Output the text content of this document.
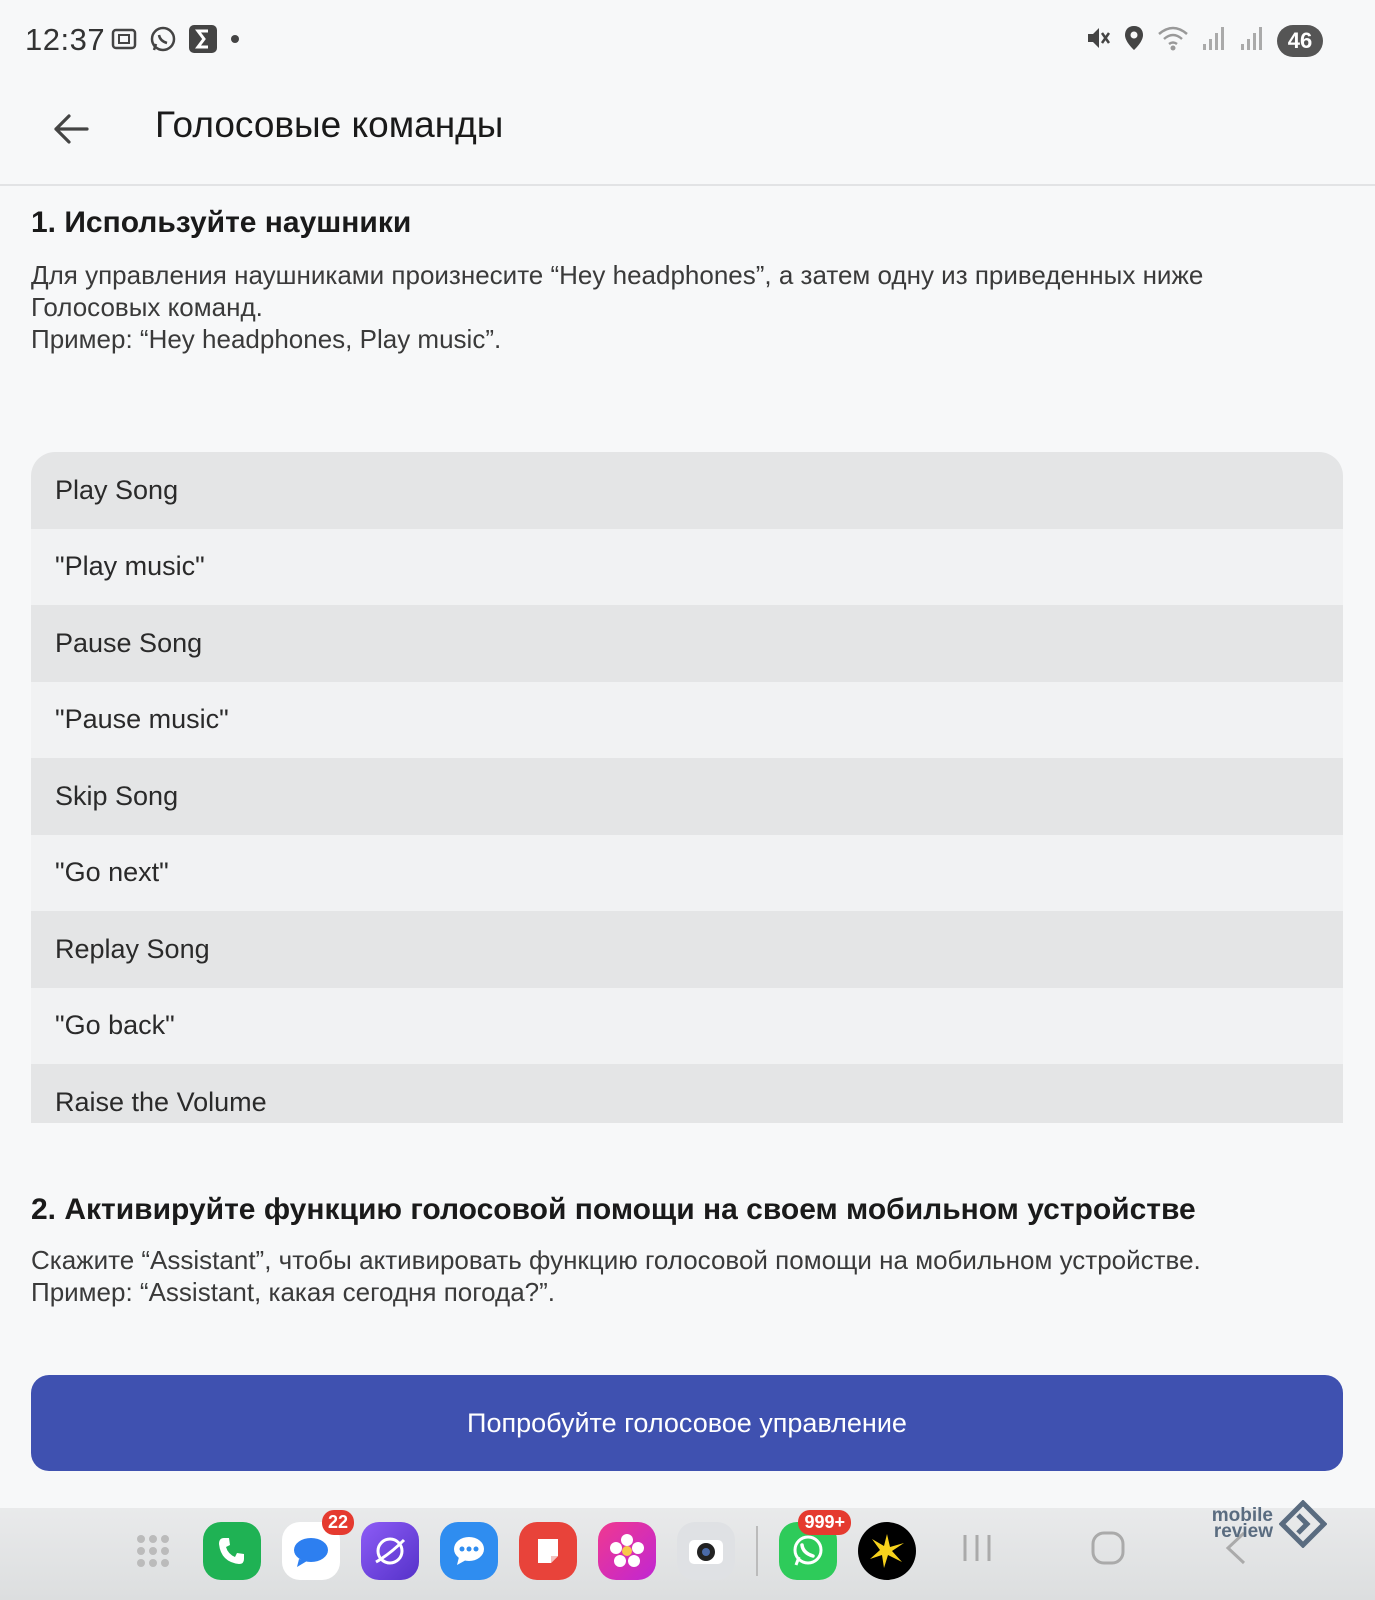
12:37	46
Голосовые команды
1. Используйте наушники
Для управления наушниками произнесите “Hey headphones”, а затем одну из приведенных ниже
Голосовых команд.
Пример: “Hey headphones, Play music”.
Play Song
"Play music"
Pause Song
"Pause music"
Skip Song
"Go next"
Replay Song
"Go back"
Raise the Volume
2. Активируйте функцию голосовой помощи на своем мобильном устройстве
Скажите “Assistant”, чтобы активировать функцию голосовой помощи на мобильном устройстве.
Пример: “Assistant, какая сегодня погода?”.
Попробуйте голосовое управление
22	999+	mobile
review
